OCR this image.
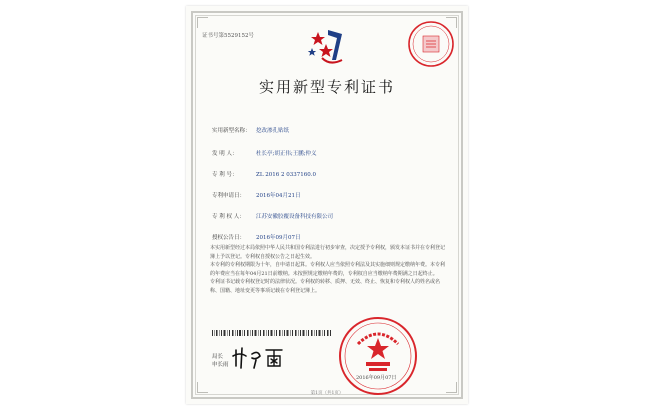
证书号第5529152号
实用新型专利证书
实用新型名称： 挖改渗孔贴纸
发 明 人：	杜长亭;胡正伟;王鹏;仲义
专 利 号：	ZL 2016 2 0337160.0
专利申请日： 2016年04月21日
专 利 权 人： 江苏安徽胶覆设备科技有限公司
授权公告日： 2016年09月07日
本实用新型经过本局依照中华人民共和国专利法进行初步审查，决定授予专利权，颁发本证书并在专利登记簿上予以登记。专利权自授权公告之日起生效。
本专利的专利权期限为十年，自申请日起算。专利权人应当依照专利法及其实施细则规定缴纳年费。本专利的年费应当在每年04月21日前缴纳。未按照规定缴纳年费的，专利权自应当缴纳年费期满之日起终止。
专利证书记载专利权登记时的法律状况。专利权的转移、质押、无效、终止、恢复和专利权人的姓名或名称、国籍、地址变更等事项记载在专利登记簿上。
局长
申长雨
2016年09月07日
第1页（共1页）
